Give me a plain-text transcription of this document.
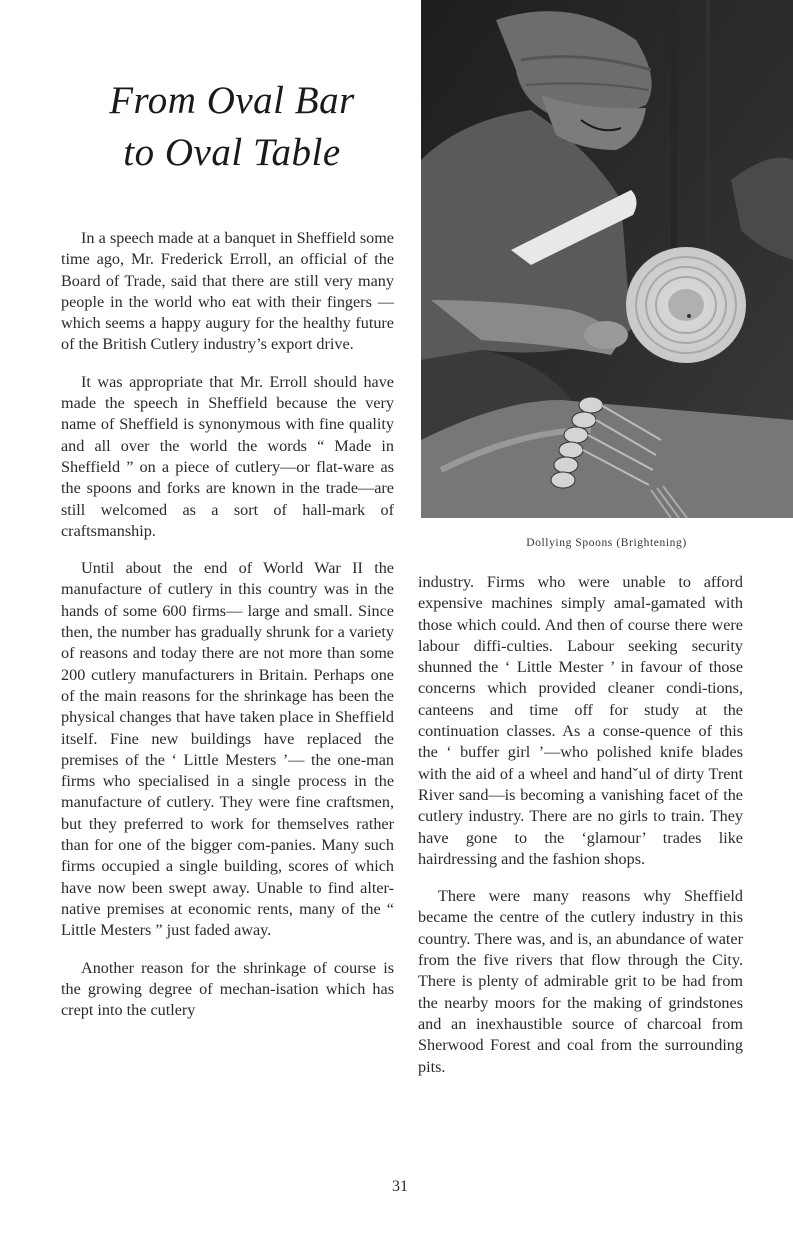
From Oval Bar
to Oval Table

In a speech made at a banquet in Sheffield some time ago, Mr. Frederick Erroll, an official of the Board of Trade, said that there are still very many people in the world who eat with their fingers —which seems a happy augury for the healthy future of the British Cutlery industry’s export drive.

It was appropriate that Mr. Erroll should have made the speech in Sheffield because the very name of Sheffield is synonymous with fine quality and all over the world the words “ Made in Sheffield ” on a piece of cutlery—or flat-ware as the spoons and forks are known in the trade—are still welcomed as a sort of hall-mark of craftsmanship.

Until about the end of World War II the manufacture of cutlery in this country was in the hands of some 600 firms— large and small. Since then, the number has gradually shrunk for a variety of reasons and today there are not more than some 200 cutlery manufacturers in Britain. Perhaps one of the main reasons for the shrinkage has been the physical changes that have taken place in Sheffield itself. Fine new buildings have replaced the premises of the ‘ Little Mesters ’— the one-man firms who specialised in a single process in the manufacture of cutlery. They were fine craftsmen, but they preferred to work for themselves rather than for one of the bigger com-panies. Many such firms occupied a single building, scores of which have now been swept away. Unable to find alter-native premises at economic rents, many of the “ Little Mesters ” just faded away.

Another reason for the shrinkage of course is the growing degree of mechan-isation which has crept into the cutlery

Dollying Spoons (Brightening)

industry. Firms who were unable to afford expensive machines simply amal-gamated with those which could. And then of course there were labour diffi-culties. Labour seeking security shunned the ‘ Little Mester ’ in favour of those concerns which provided cleaner condi-tions, canteens and time off for study at the continuation classes. As a conse-quence of this the ‘ buffer girl ’—who polished knife blades with the aid of a wheel and handˇul of dirty Trent River sand—is becoming a vanishing facet of the cutlery industry. There are no girls to train. They have gone to the ‘glamour’ trades like hairdressing and the fashion shops.

There were many reasons why Sheffield became the centre of the cutlery industry in this country. There was, and is, an abundance of water from the five rivers that flow through the City. There is plenty of admirable grit to be had from the nearby moors for the making of grindstones and an inexhaustible source of charcoal from Sherwood Forest and coal from the surrounding pits.

31
